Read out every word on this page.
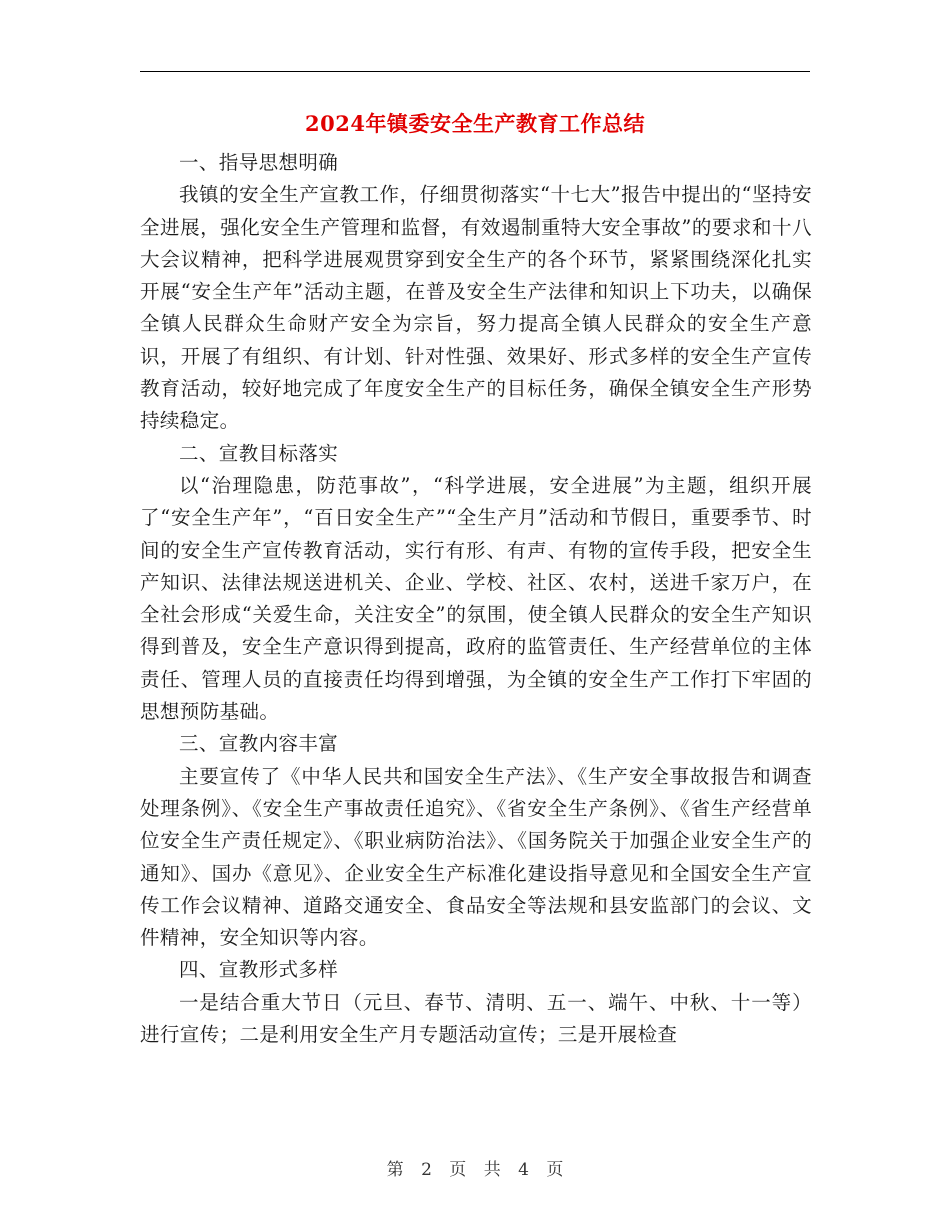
2024年镇委安全生产教育工作总结

一、指导思想明确

我镇的安全生产宣教工作，仔细贯彻落实“十七大”报告中提出的“坚持安全进展，强化安全生产管理和监督，有效遏制重特大安全事故”的要求和十八大会议精神，把科学进展观贯穿到安全生产的各个环节，紧紧围绕深化扎实开展“安全生产年”活动主题，在普及安全生产法律和知识上下功夫，以确保全镇人民群众生命财产安全为宗旨，努力提高全镇人民群众的安全生产意识，开展了有组织、有计划、针对性强、效果好、形式多样的安全生产宣传教育活动，较好地完成了年度安全生产的目标任务，确保全镇安全生产形势持续稳定。

二、宣教目标落实

以“治理隐患，防范事故”，“科学进展，安全进展”为主题，组织开展了“安全生产年”，“百日安全生产”“全生产月”活动和节假日，重要季节、时间的安全生产宣传教育活动，实行有形、有声、有物的宣传手段，把安全生产知识、法律法规送进机关、企业、学校、社区、农村，送进千家万户，在全社会形成“关爱生命，关注安全”的氛围，使全镇人民群众的安全生产知识得到普及，安全生产意识得到提高，政府的监管责任、生产经营单位的主体责任、管理人员的直接责任均得到增强，为全镇的安全生产工作打下牢固的思想预防基础。

三、宣教内容丰富

主要宣传了《中华人民共和国安全生产法》、《生产安全事故报告和调查处理条例》、《安全生产事故责任追究》、《省安全生产条例》、《省生产经营单位安全生产责任规定》、《职业病防治法》、《国务院关于加强企业安全生产的通知》、国办《意见》、企业安全生产标准化建设指导意见和全国安全生产宣传工作会议精神、道路交通安全、食品安全等法规和县安监部门的会议、文件精神，安全知识等内容。

四、宣教形式多样

一是结合重大节日（元旦、春节、清明、五一、端午、中秋、十一等）进行宣传；二是利用安全生产月专题活动宣传；三是开展检查

第 2 页 共 4 页
